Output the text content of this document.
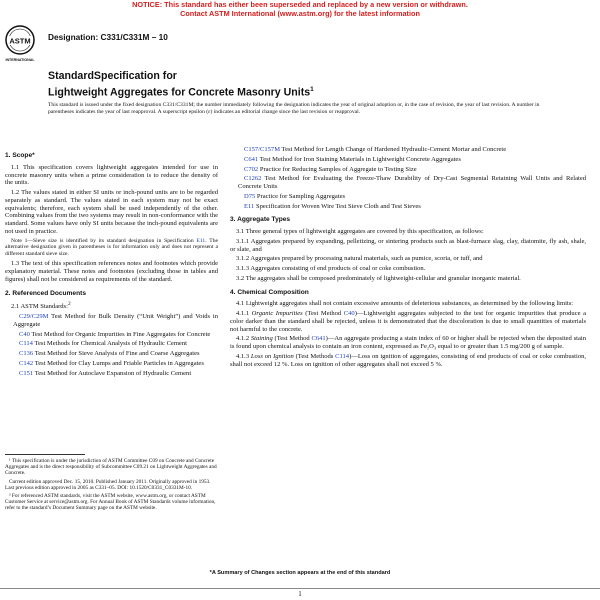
NOTICE: This standard has either been superseded and replaced by a new version or withdrawn.
Contact ASTM International (www.astm.org) for the latest information
ASTM
INTERNATIONAL
Designation: C331/C331M – 10
StandardSpecification for
Lightweight Aggregates for Concrete Masonry Units$^1$
This standard is issued under the fixed designation C331/C331M; the number immediately following the designation indicates the year of original adoption or, in the case of revision, the year of last revision. A number in parentheses indicates the year of last reapproval. A superscript epsilon (ε) indicates an editorial change since the last revision or reapproval.
1. Scope*

1.1 This specification covers lightweight aggregates intended for use in concrete masonry units when a prime consideration is to reduce the density of the units.

1.2 The values stated in either SI units or inch-pound units are to be regarded separately as standard. The values stated in each system may not be exact equivalents; therefore, each system shall be used independently of the other. Combining values from the two systems may result in non-conformance with the standard. Some values have only SI units because the inch-pound equivalents are not used in practice.

Note 1—Sieve size is identified by its standard designation in Specification E11. The alternative designation given in parentheses is for information only and does not represent a different standard sieve size.

1.3 The text of this specification references notes and footnotes which provide explanatory material. These notes and footnotes (excluding those in tables and figures) shall not be considered as requirements of the standard.

2. Referenced Documents

2.1 ASTM Standards:$^2$

C29/C29M Test Method for Bulk Density (“Unit Weight”) and Voids in Aggregate

C40 Test Method for Organic Impurities in Fine Aggregates for Concrete

C114 Test Methods for Chemical Analysis of Hydraulic Cement

C136 Test Method for Sieve Analysis of Fine and Coarse Aggregates

C142 Test Method for Clay Lumps and Friable Particles in Aggregates

C151 Test Method for Autoclave Expansion of Hydraulic Cement

¹ This specification is under the jurisdiction of ASTM Committee C09 on Concrete and Concrete Aggregates and is the direct responsibility of Subcommittee C09.21 on Lightweight Aggregates and Concrete.

Current edition approved Dec. 15, 2010. Published January 2011. Originally approved in 1953. Last previous edition approved in 2005 as C331–05. DOI: 10.1520/C0331_C0331M-10.

² For referenced ASTM standards, visit the ASTM website, www.astm.org, or contact ASTM Customer Service at service@astm.org. For Annual Book of ASTM Standards volume information, refer to the standard’s Document Summary page on the ASTM website.

C157/C157M Test Method for Length Change of Hardened Hydraulic-Cement Mortar and Concrete

C641 Test Method for Iron Staining Materials in Lightweight Concrete Aggregates

C702 Practice for Reducing Samples of Aggregate to Testing Size

C1262 Test Method for Evaluating the Freeze-Thaw Durability of Dry-Cast Segmental Retaining Wall Units and Related Concrete Units

D75 Practice for Sampling Aggregates

E11 Specification for Woven Wire Test Sieve Cloth and Test Sieves

3. Aggregate Types

3.1 Three general types of lightweight aggregates are covered by this specification, as follows:

3.1.1 Aggregates prepared by expanding, pelletizing, or sintering products such as blast-furnace slag, clay, diatomite, fly ash, shale, or slate, and

3.1.2 Aggregates prepared by processing natural materials, such as pumice, scoria, or tuff, and

3.1.3 Aggregates consisting of end products of coal or coke combustion.

3.2 The aggregates shall be composed predominately of lightweight-cellular and granular inorganic material.

4. Chemical Composition

4.1 Lightweight aggregates shall not contain excessive amounts of deleterious substances, as determined by the following limits:

4.1.1 Organic Impurities (Test Method C40)—Lightweight aggregates subjected to the test for organic impurities that produce a color darker than the standard shall be rejected, unless it is demonstrated that the discoloration is due to small quantities of materials not harmful to the concrete.

4.1.2 Staining (Test Method C641)—An aggregate producing a stain index of 60 or higher shall be rejected when the deposited stain is found upon chemical analysis to contain an iron content, expressed as Fe₂O₃ equal to or greater than 1.5 mg/200 g of sample.

4.1.3 Loss on Ignition (Test Methods C114)—Loss on ignition of aggregates, consisting of end products of coal or coke combustion, shall not exceed 12 %. Loss on ignition of other aggregates shall not exceed 5 %.

*A Summary of Changes section appears at the end of this standard
1
